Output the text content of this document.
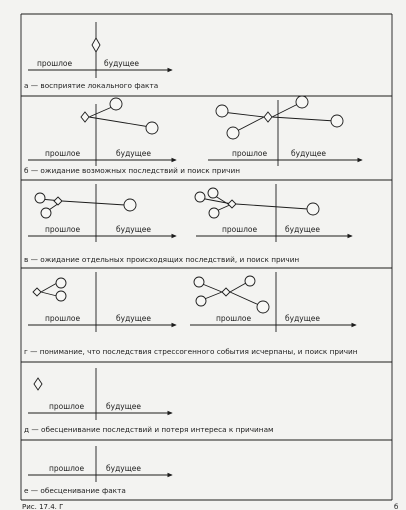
прошлое	будущее
а — восприятие локального факта
прошлое	будущее	прошлое	будущее
б — ожидание возможных последствий и поиск причин
прошлое	будущее	прошлое	будущее
в — ожидание отдельных происходящих последствий, и поиск причин
прошлое	будущее	прошлое	будущее
г — понимание, что последствия стрессогенного события исчерпаны, и поиск причин
прошлое	будущее
д — обесценивание последствий и потеря интереса к причинам
прошлое	будущее
е — обесценивание факта
Рис. 17.4. Г	б
